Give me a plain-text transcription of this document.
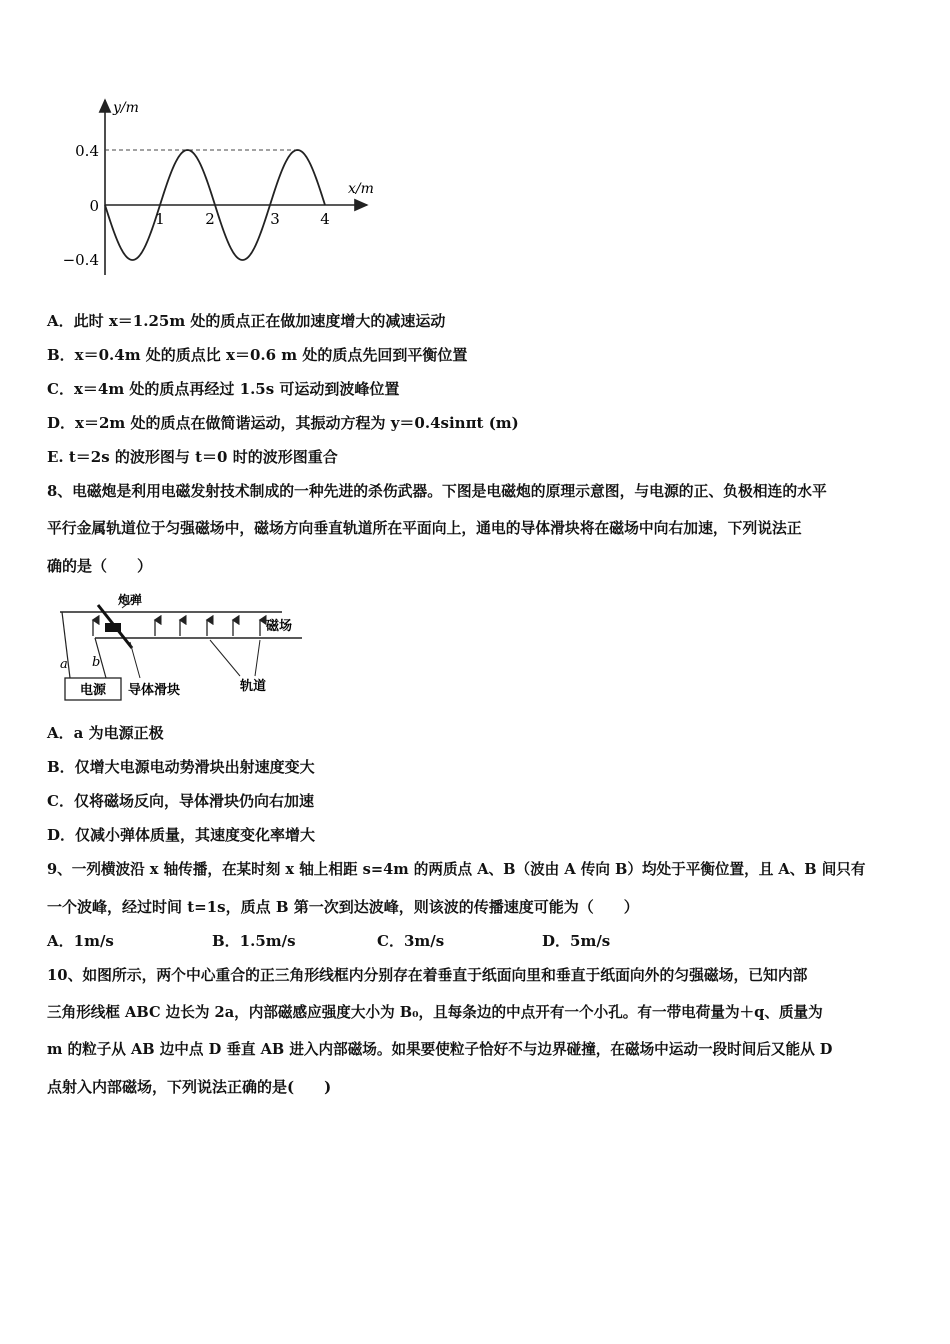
y/m
x/m
0.4
0
−0.4
1	2	3	4
A．此时 x＝1.25m 处的质点正在做加速度增大的减速运动
B．x＝0.4m 处的质点比 x＝0.6 m 处的质点先回到平衡位置
C．x＝4m 处的质点再经过 1.5s 可运动到波峰位置
D．x＝2m 处的质点在做简谐运动，其振动方程为 y＝0.4sinπt (m)
E. t＝2s 的波形图与 t＝0 时的波形图重合
8、电磁炮是利用电磁发射技术制成的一种先进的杀伤武器。下图是电磁炮的原理示意图，与电源的正、负极相连的水平
平行金属轨道位于匀强磁场中，磁场方向垂直轨道所在平面向上，通电的导体滑块将在磁场中向右加速，下列说法正
确的是（　　）
电源
炮弹
磁场
a b
导体滑块	轨道
A．a 为电源正极
B．仅增大电源电动势滑块出射速度变大
C．仅将磁场反向，导体滑块仍向右加速
D．仅减小弹体质量，其速度变化率增大
9、一列横波沿 x 轴传播，在某时刻 x 轴上相距 s=4m 的两质点 A、B（波由 A 传向 B）均处于平衡位置，且 A、B 间只有
一个波峰，经过时间 t=1s，质点 B 第一次到达波峰，则该波的传播速度可能为（　　）
A．1m/s	B．1.5m/s	C．3m/s	D．5m/s
10、如图所示，两个中心重合的正三角形线框内分别存在着垂直于纸面向里和垂直于纸面向外的匀强磁场，已知内部
三角形线框 ABC 边长为 2a，内部磁感应强度大小为 B₀，且每条边的中点开有一个小孔。有一带电荷量为＋q、质量为
m 的粒子从 AB 边中点 D 垂直 AB 进入内部磁场。如果要使粒子恰好不与边界碰撞，在磁场中运动一段时间后又能从 D
点射入内部磁场，下列说法正确的是(　　)
